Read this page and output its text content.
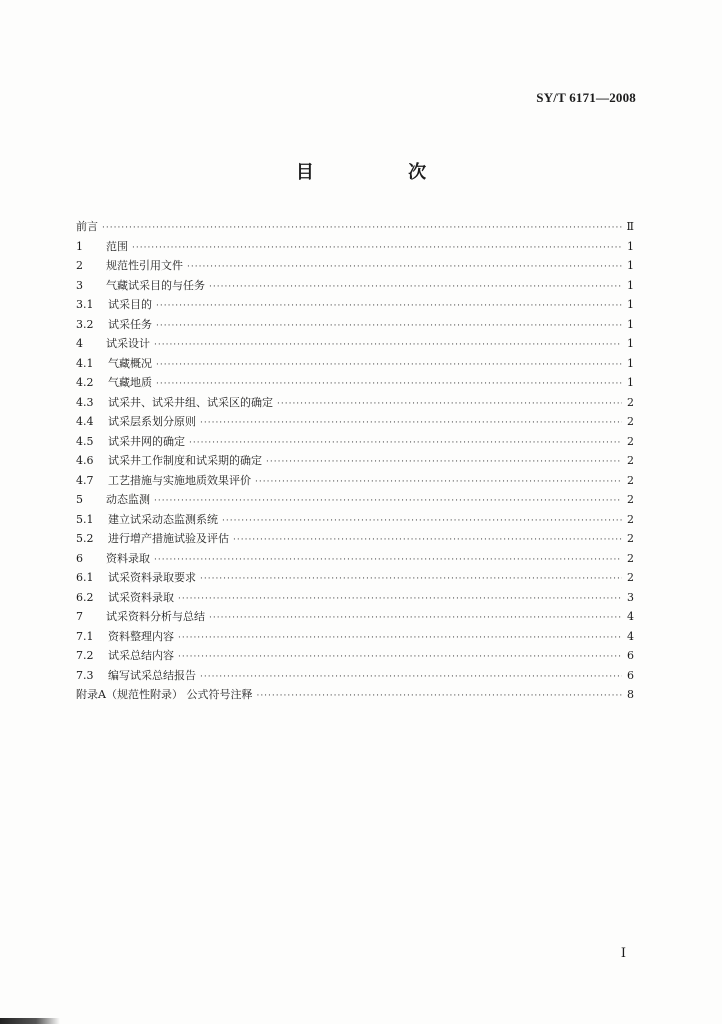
SY/T 6171—2008
目 次
前言 ·····	Ⅱ
1	范围 ·····	1
2	规范性引用文件 ·····	1
3	气藏试采目的与任务 ·····	1
3.1	试采目的 ·····	1
3.2	试采任务 ·····	1
4	试采设计 ·····	1
4.1	气藏概况 ·····	1
4.2	气藏地质 ·····	1
4.3	试采井、试采井组、试采区的确定 ·····	2
4.4	试采层系划分原则 ·····	2
4.5	试采井网的确定 ·····	2
4.6	试采井工作制度和试采期的确定 ·····	2
4.7	工艺措施与实施地质效果评价 ·····	2
5	动态监测 ·····	2
5.1	建立试采动态监测系统 ·····	2
5.2	进行增产措施试验及评估 ·····	2
6	资料录取 ·····	2
6.1	试采资料录取要求 ·····	2
6.2	试采资料录取 ·····	3
7	试采资料分析与总结 ·····	4
7.1	资料整理内容 ·····	4
7.2	试采总结内容 ·····	6
7.3	编写试采总结报告 ·····	6
附录A（规范性附录） 公式符号注释 ·····	8
Ⅰ
